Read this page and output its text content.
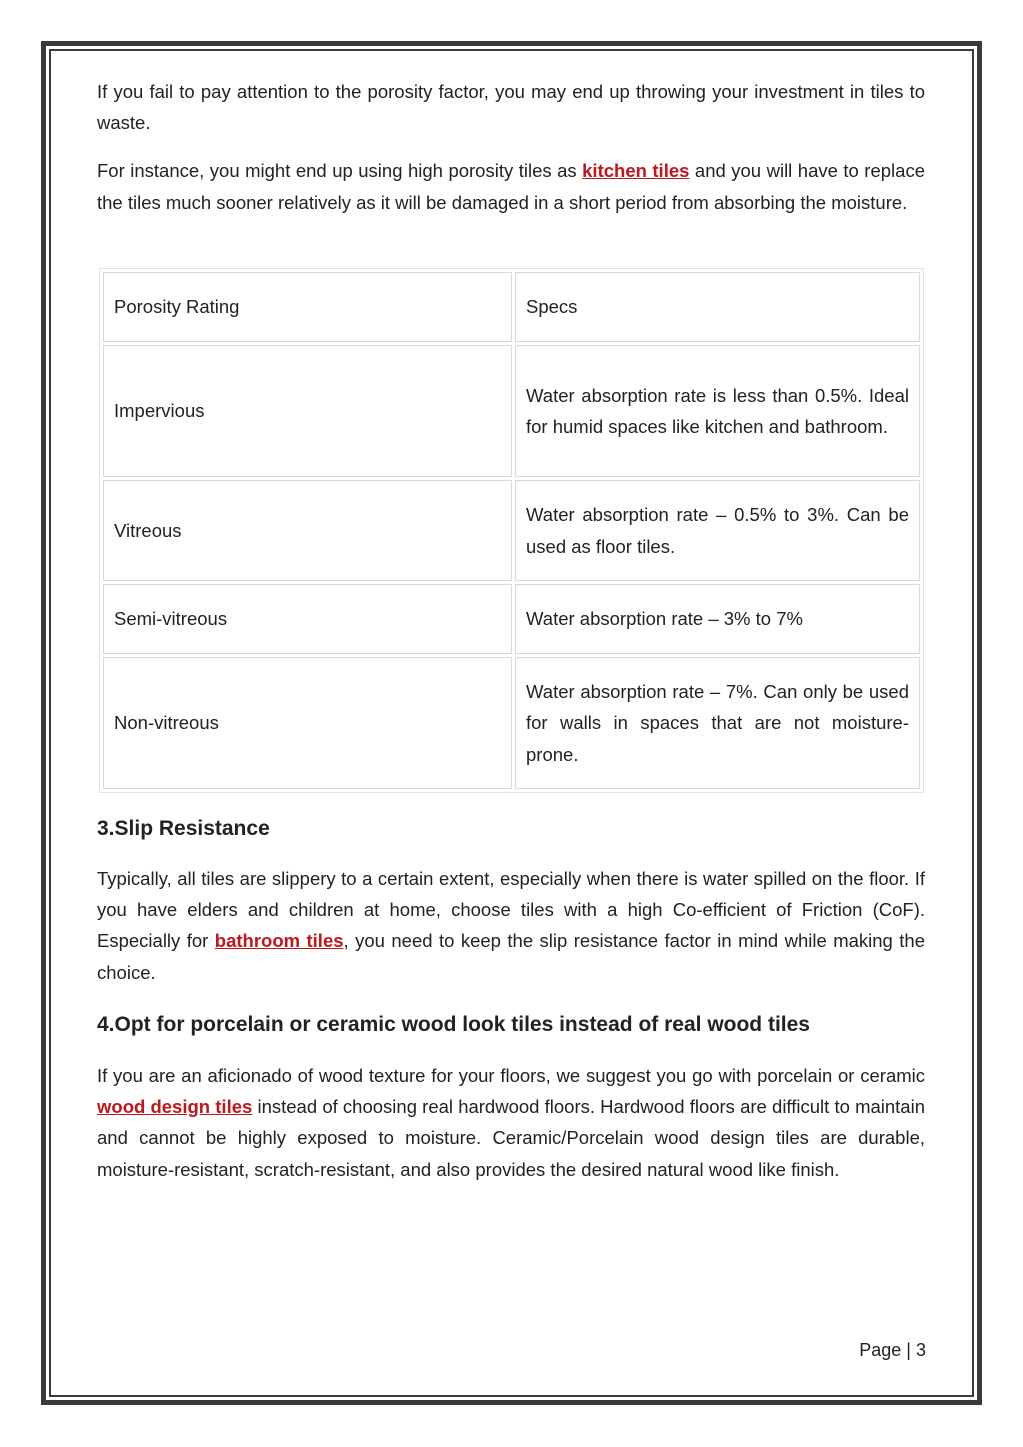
If you fail to pay attention to the porosity factor, you may end up throwing your investment in tiles to waste.

For instance, you might end up using high porosity tiles as kitchen tiles and you will have to replace the tiles much sooner relatively as it will be damaged in a short period from absorbing the moisture.

Porosity Rating	Specs
Impervious	Water absorption rate is less than 0.5%. Ideal for humid spaces like kitchen and bathroom.
Vitreous	Water absorption rate – 0.5% to 3%. Can be used as floor tiles.
Semi-vitreous	Water absorption rate – 3% to 7%
Non-vitreous	Water absorption rate – 7%. Can only be used for walls in spaces that are not moisture-prone.
3.Slip Resistance

Typically, all tiles are slippery to a certain extent, especially when there is water spilled on the floor. If you have elders and children at home, choose tiles with a high Co-efficient of Friction (CoF). Especially for bathroom tiles, you need to keep the slip resistance factor in mind while making the choice.

4.Opt for porcelain or ceramic wood look tiles instead of real wood tiles

If you are an aficionado of wood texture for your floors, we suggest you go with porcelain or ceramic wood design tiles instead of choosing real hardwood floors. Hardwood floors are difficult to maintain and cannot be highly exposed to moisture. Ceramic/Porcelain wood design tiles are durable, moisture-resistant, scratch-resistant, and also provides the desired natural wood like finish.

Page | 3
